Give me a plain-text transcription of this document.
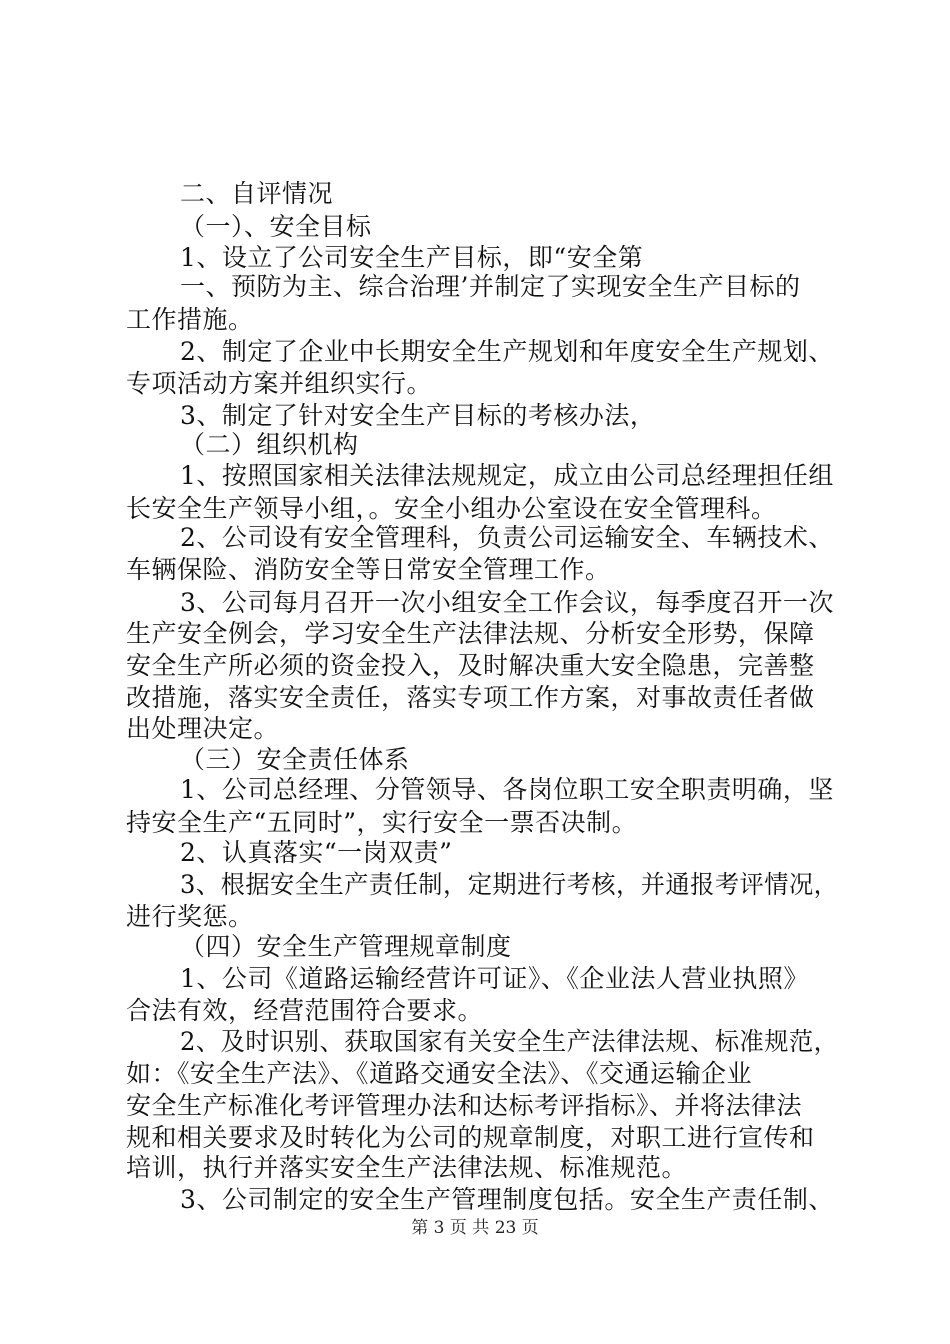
二、自评情况
（一）、安全目标
1、设立了公司安全生产目标，即“安全第
一、预防为主、综合治理’并制定了实现安全生产目标的
工作措施。
2、制定了企业中长期安全生产规划和年度安全生产规划、
专项活动方案并组织实行。
3、制定了针对安全生产目标的考核办法，
（二）组织机构
1、按照国家相关法律法规规定，成立由公司总经理担任组
长安全生产领导小组，。安全小组办公室设在安全管理科。
2、公司设有安全管理科，负责公司运输安全、车辆技术、
车辆保险、消防安全等日常安全管理工作。
3、公司每月召开一次小组安全工作会议，每季度召开一次
生产安全例会，学习安全生产法律法规、分析安全形势，保障
安全生产所必须的资金投入，及时解决重大安全隐患，完善整
改措施，落实安全责任，落实专项工作方案，对事故责任者做
出处理决定。
（三）安全责任体系
1、公司总经理、分管领导、各岗位职工安全职责明确，坚
持安全生产“五同时”，实行安全一票否决制。
2、认真落实“一岗双责”
3、根据安全生产责任制，定期进行考核，并通报考评情况，
进行奖惩。
（四）安全生产管理规章制度
1、公司《道路运输经营许可证》、《企业法人营业执照》
合法有效，经营范围符合要求。
2、及时识别、获取国家有关安全生产法律法规、标准规范，
如：《安全生产法》、《道路交通安全法》、《交通运输企业
安全生产标准化考评管理办法和达标考评指标》、并将法律法
规和相关要求及时转化为公司的规章制度，对职工进行宣传和
培训，执行并落实安全生产法律法规、标准规范。
3、公司制定的安全生产管理制度包括。安全生产责任制、
第 3 页 共 23 页
